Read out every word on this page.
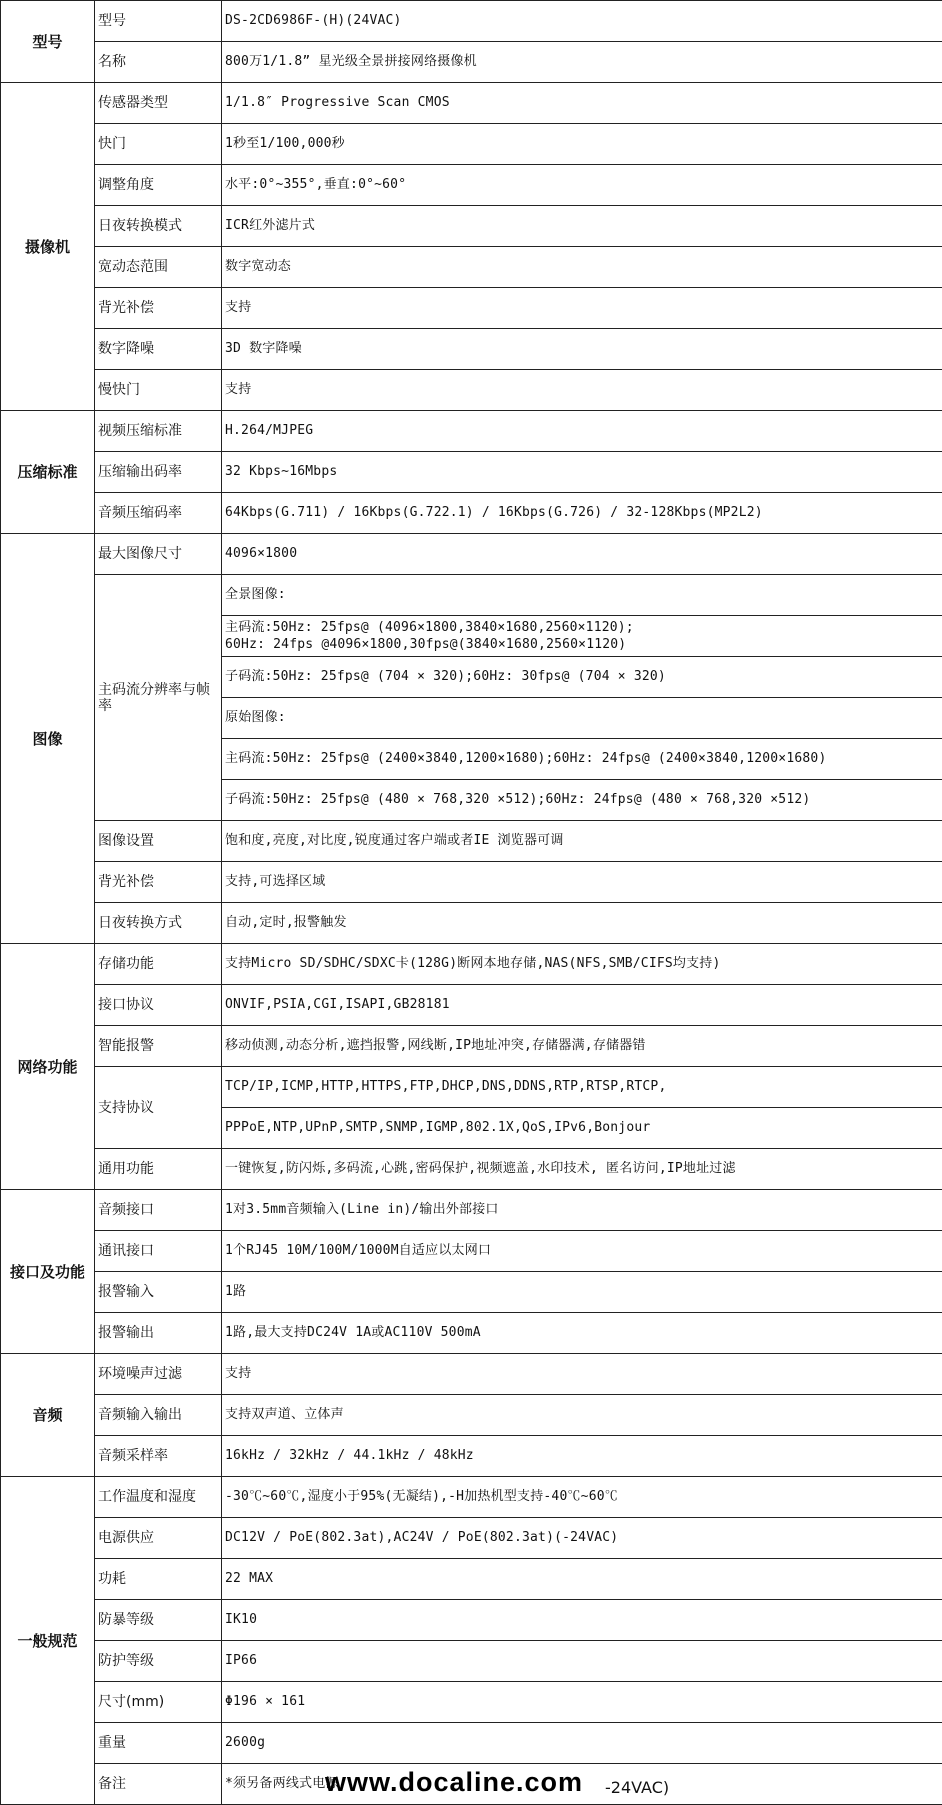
型号	型号	DS-2CD6986F-(H)(24VAC)

	名称	800万1/1.8” 星光级全景拼接网络摄像机

摄像机	传感器类型	1/1.8″ Progressive Scan CMOS

	快门	1秒至1/100,000秒

	调整角度	水平:0°~355°,垂直:0°~60°

	日夜转换模式	ICR红外滤片式

	宽动态范围	数字宽动态

	背光补偿	支持

	数字降噪	3D 数字降噪

	慢快门	支持

压缩标准	视频压缩标准	H.264/MJPEG

	压缩输出码率	32 Kbps~16Mbps

	音频压缩码率	64Kbps(G.711) / 16Kbps(G.722.1) / 16Kbps(G.726) / 32-128Kbps(MP2L2)

图像	最大图像尺寸	4096×1800

	主码流分辨率与帧率	全景图像:

		主码流:50Hz: 25fps@ (4096×1800,3840×1680,2560×1120);
60Hz: 24fps @4096×1800,30fps@(3840×1680,2560×1120)

		子码流:50Hz: 25fps@ (704 × 320);60Hz: 30fps@ (704 × 320)

		原始图像:

		主码流:50Hz: 25fps@ (2400×3840,1200×1680);60Hz: 24fps@ (2400×3840,1200×1680)

		子码流:50Hz: 25fps@ (480 × 768,320 ×512);60Hz: 24fps@ (480 × 768,320 ×512)

	图像设置	饱和度,亮度,对比度,锐度通过客户端或者IE 浏览器可调

	背光补偿	支持,可选择区域

	日夜转换方式	自动,定时,报警触发

网络功能	存储功能	支持Micro SD/SDHC/SDXC卡(128G)断网本地存储,NAS(NFS,SMB/CIFS均支持)

	接口协议	ONVIF,PSIA,CGI,ISAPI,GB28181

	智能报警	移动侦测,动态分析,遮挡报警,网线断,IP地址冲突,存储器满,存储器错

	支持协议	TCP/IP,ICMP,HTTP,HTTPS,FTP,DHCP,DNS,DDNS,RTP,RTSP,RTCP,

		PPPoE,NTP,UPnP,SMTP,SNMP,IGMP,802.1X,QoS,IPv6,Bonjour

	通用功能	一键恢复,防闪烁,多码流,心跳,密码保护,视频遮盖,水印技术, 匿名访问,IP地址过滤

接口及功能	音频接口	1对3.5mm音频输入(Line in)/输出外部接口

	通讯接口	1个RJ45 10M/100M/1000M自适应以太网口

	报警输入	1路

	报警输出	1路,最大支持DC24V 1A或AC110V 500mA

音频	环境噪声过滤	支持

	音频输入输出	支持双声道、立体声

	音频采样率	16kHz / 32kHz / 44.1kHz / 48kHz

一般规范	工作温度和湿度	-30℃~60℃,湿度小于95%(无凝结),-H加热机型支持-40℃~60℃

	电源供应	DC12V / PoE(802.3at),AC24V / PoE(802.3at)(-24VAC)

	功耗	22 MAX

	防暴等级	IK10

	防护等级	IP66

	尺寸(mm)	Φ196 × 161

	重量	2600g

	备注	*须另备两线式电源
www.docaline.com -24VAC)
